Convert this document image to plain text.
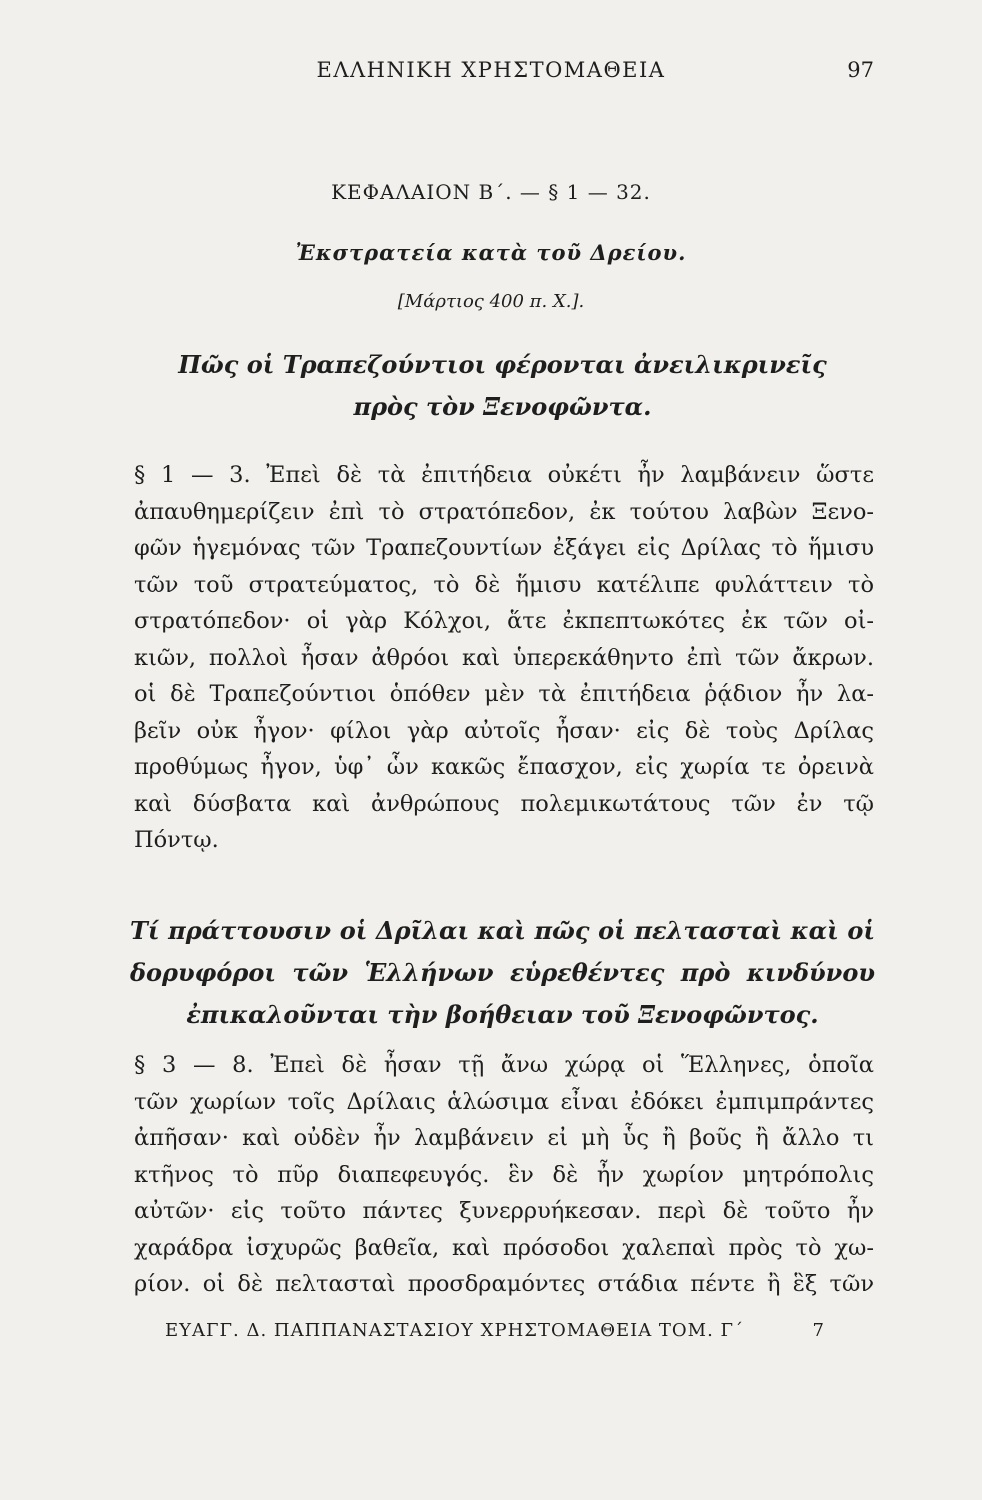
ΕΛΛΗΝΙΚΗ ΧΡΗΣΤΟΜΑΘΕΙΑ	97
ΚΕΦΑΛΑΙΟΝ Β΄. — § 1 — 32.
Ἐκστρατεία κατὰ τοῦ Δρείου.
[Μάρτιος 400 π. Χ.].
Πῶς οἱ Τραπεζούντιοι φέρονται ἀνειλικρινεῖς
πρὸς τὸν Ξενοφῶντα.
§ 1 — 3. Ἐπεὶ δὲ τὰ ἐπιτήδεια οὐκέτι ἦν λαμβάνειν ὥστε
ἀπαυθημερίζειν ἐπὶ τὸ στρατόπεδον, ἐκ τούτου λαβὼν Ξενο-
φῶν ἡγεμόνας τῶν Τραπεζουντίων ἐξάγει εἰς Δρίλας τὸ ἥμισυ
τῶν τοῦ στρατεύματος, τὸ δὲ ἥμισυ κατέλιπε φυλάττειν τὸ
στρατόπεδον· οἱ γὰρ Κόλχοι, ἅτε ἐκπεπτωκότες ἐκ τῶν οἰ-
κιῶν, πολλοὶ ἦσαν ἀθρόοι καὶ ὑπερεκάθηντο ἐπὶ τῶν ἄκρων.
οἱ δὲ Τραπεζούντιοι ὁπόθεν μὲν τὰ ἐπιτήδεια ῥᾴδιον ἦν λα-
βεῖν οὐκ ἦγον· φίλοι γὰρ αὐτοῖς ἦσαν· εἰς δὲ τοὺς Δρίλας
προθύμως ἦγον, ὑφ᾽ ὧν κακῶς ἔπασχον, εἰς χωρία τε ὀρεινὰ
καὶ δύσβατα καὶ ἀνθρώπους πολεμικωτάτους τῶν ἐν τῷ
Πόντῳ.
Τί πράττουσιν οἱ Δρῖλαι καὶ πῶς οἱ πελτασταὶ καὶ οἱ
δορυφόροι τῶν Ἑλλήνων εὑρεθέντες πρὸ κινδύνου
ἐπικαλοῦνται τὴν βοήθειαν τοῦ Ξενοφῶντος.
§ 3 — 8. Ἐπεὶ δὲ ἦσαν τῇ ἄνω χώρᾳ οἱ Ἕλληνες, ὁποῖα
τῶν χωρίων τοῖς Δρίλαις ἁλώσιμα εἶναι ἐδόκει ἐμπιμπράντες
ἀπῆσαν· καὶ οὐδὲν ἦν λαμβάνειν εἰ μὴ ὗς ἢ βοῦς ἢ ἄλλο τι
κτῆνος τὸ πῦρ διαπεφευγός. ἓν δὲ ἦν χωρίον μητρόπολις
αὐτῶν· εἰς τοῦτο πάντες ξυνερρυήκεσαν. περὶ δὲ τοῦτο ἦν
χαράδρα ἰσχυρῶς βαθεῖα, καὶ πρόσοδοι χαλεπαὶ πρὸς τὸ χω-
ρίον. οἱ δὲ πελτασταὶ προσδραμόντες στάδια πέντε ἢ ἓξ τῶν
ΕΥΑΓΓ. Δ. ΠΑΠΠΑΝΑΣΤΑΣΙΟΥ ΧΡΗΣΤΟΜΑΘΕΙΑ ΤΟΜ. Γ΄	7
